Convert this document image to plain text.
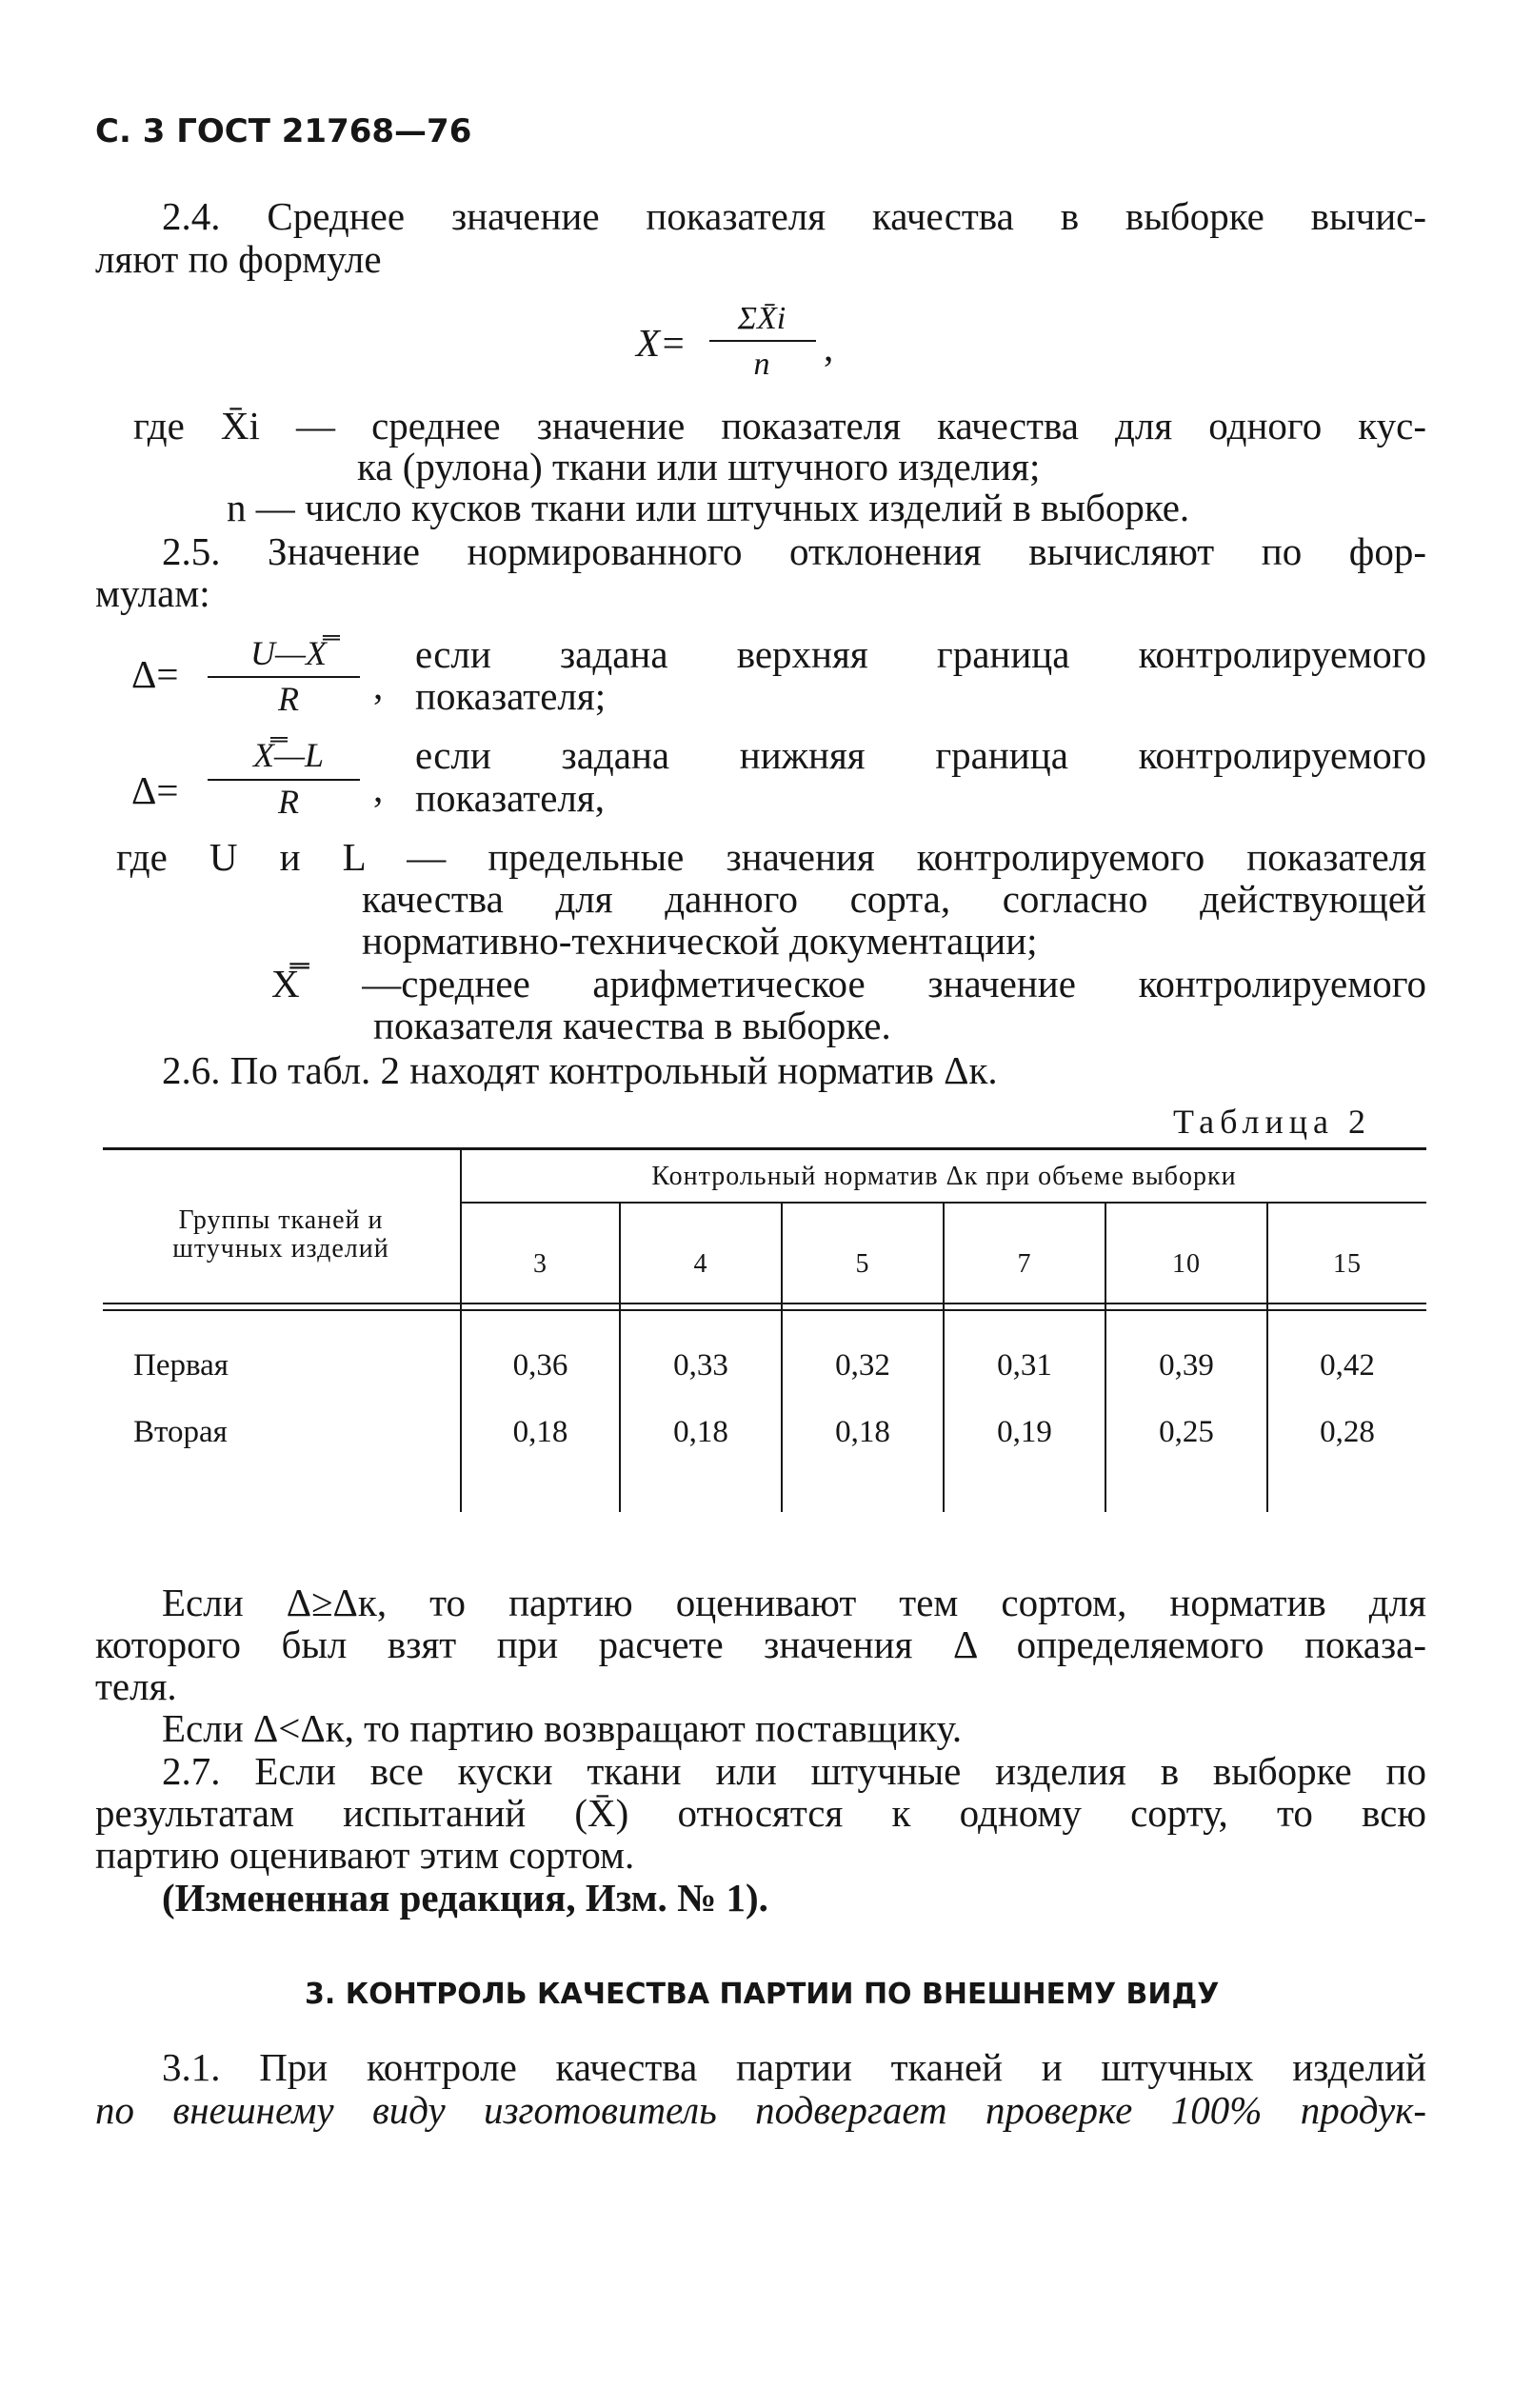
С. 3 ГОСТ 21768—76
2.4. Среднее значение показателя качества в выборке вычис-
ляют по формуле
X=
ΣX̄i
n	,
где X̄i — среднее значение показателя качества для одного кус-
ка (рулона) ткани или штучного изделия;
n — число кусков ткани или штучных изделий в выборке.
2.5. Значение нормированного отклонения вычисляют по фор-
мулам:
Δ=	U—X̿
R	,
если задана верхняя граница контролируемого
показателя;
Δ=
X̿—L
R	,
если задана нижняя граница контролируемого
показателя,
где U и L — предельные значения контролируемого показателя
качества для данного сорта, согласно действующей
нормативно-технической документации;
X̿ —среднее арифметическое значение контролируемого
показателя качества в выборке.
2.6. По табл. 2 находят контрольный норматив Δк.
Таблица 2
Группы тканей и
штучных изделий
Контрольный норматив Δк при объеме выборки
3	4	5	7	10	15
Первая	0,36	0,33	0,32	0,31	0,39	0,42
Вторая	0,18	0,18	0,18	0,19	0,25	0,28
Если Δ≥Δк, то партию оценивают тем сортом, норматив для
которого был взят при расчете значения Δ определяемого показа-
теля.
Если Δ<Δк, то партию возвращают поставщику.
2.7. Если все куски ткани или штучные изделия в выборке по
результатам испытаний (X̄) относятся к одному сорту, то всю
партию оценивают этим сортом.
(Измененная редакция, Изм. № 1).
3. КОНТРОЛЬ КАЧЕСТВА ПАРТИИ ПО ВНЕШНЕМУ ВИДУ
3.1. При контроле качества партии тканей и штучных изделий
по внешнему виду изготовитель подвергает проверке 100% продук-
